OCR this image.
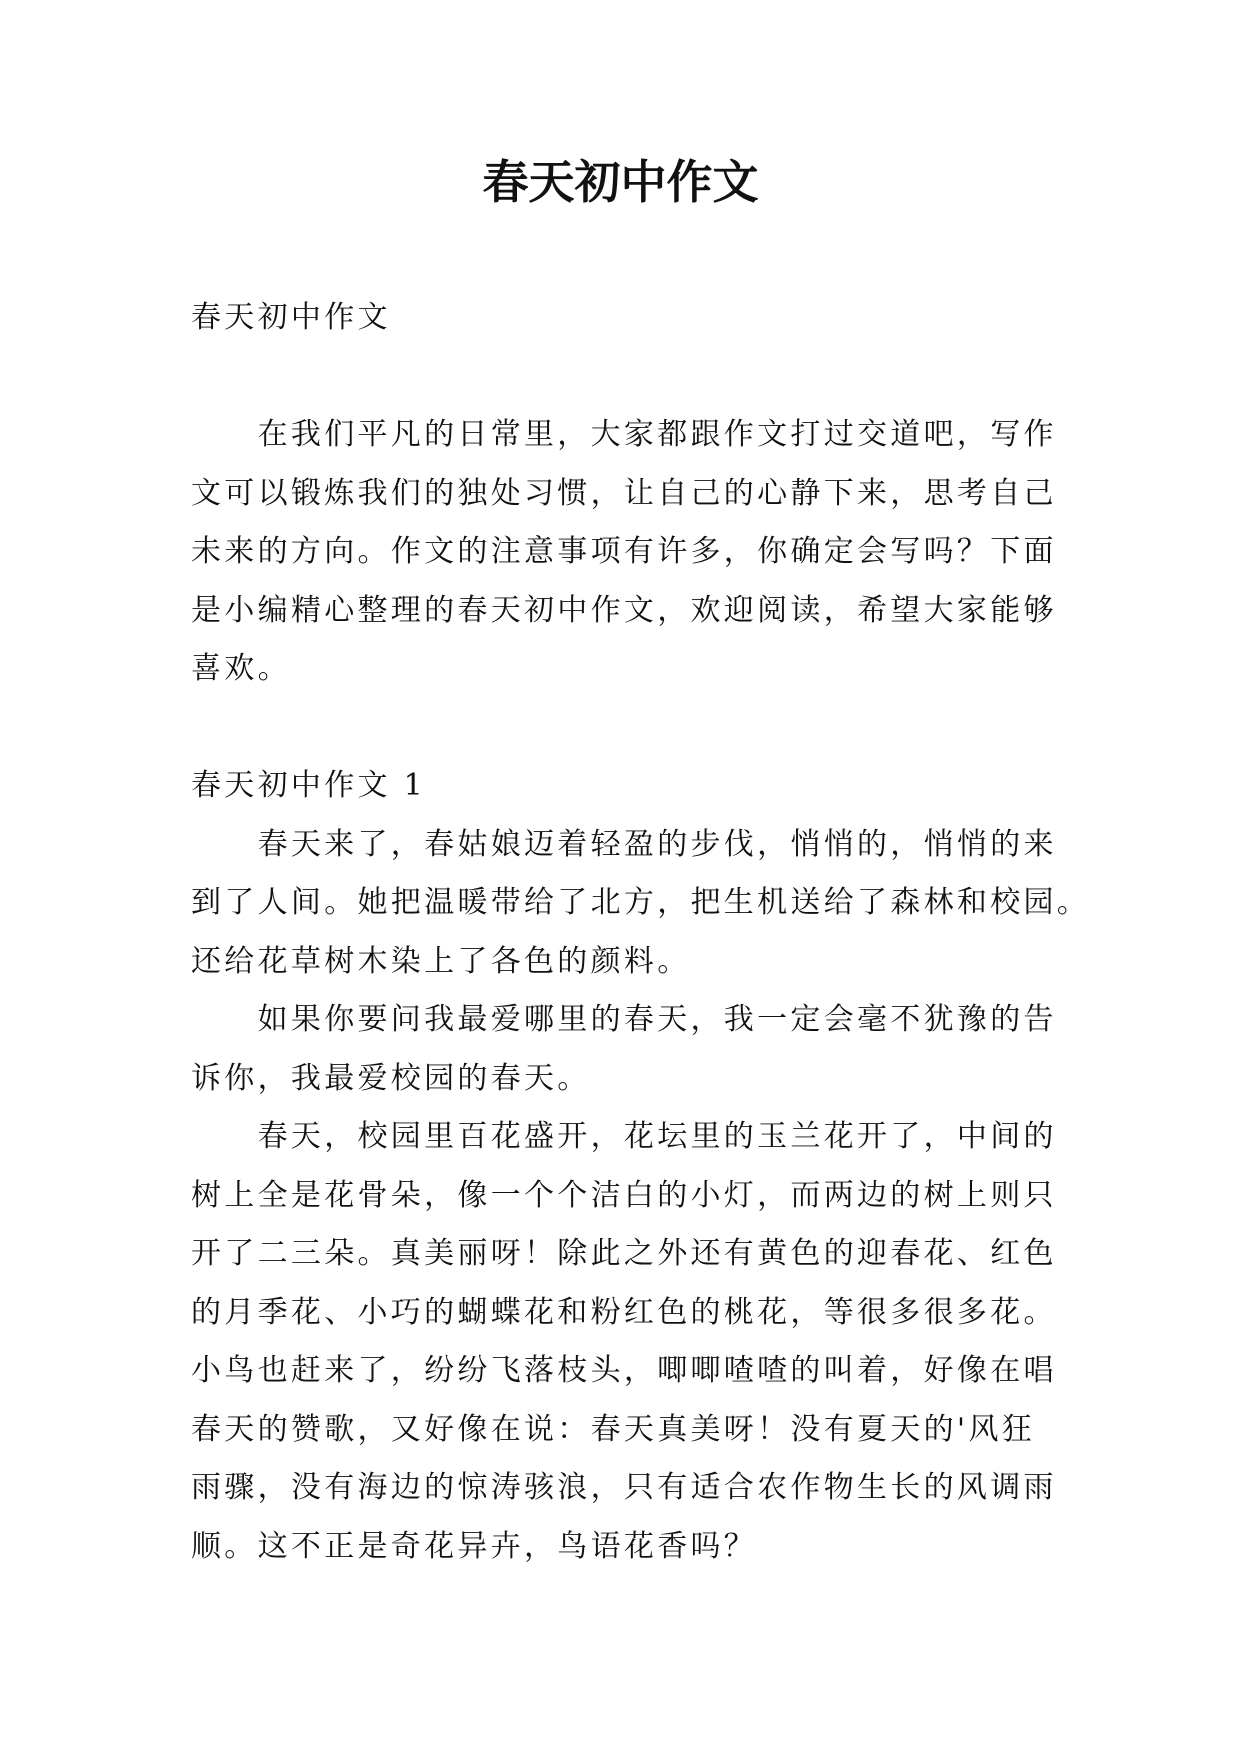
春天初中作文
春天初中作文
在我们平凡的日常里，大家都跟作文打过交道吧，写作
文可以锻炼我们的独处习惯，让自己的心静下来，思考自己
未来的方向。作文的注意事项有许多，你确定会写吗？下面
是小编精心整理的春天初中作文，欢迎阅读，希望大家能够
喜欢。
春天初中作文 1
春天来了，春姑娘迈着轻盈的步伐，悄悄的，悄悄的来
到了人间。她把温暖带给了北方，把生机送给了森林和校园。
还给花草树木染上了各色的颜料。
如果你要问我最爱哪里的春天，我一定会毫不犹豫的告
诉你，我最爱校园的春天。
春天，校园里百花盛开，花坛里的玉兰花开了，中间的
树上全是花骨朵，像一个个洁白的小灯，而两边的树上则只
开了二三朵。真美丽呀！除此之外还有黄色的迎春花、红色
的月季花、小巧的蝴蝶花和粉红色的桃花，等很多很多花。
小鸟也赶来了，纷纷飞落枝头，唧唧喳喳的叫着，好像在唱
春天的赞歌，又好像在说：春天真美呀！没有夏天的'风狂
雨骤，没有海边的惊涛骇浪，只有适合农作物生长的风调雨
顺。这不正是奇花异卉，鸟语花香吗？
